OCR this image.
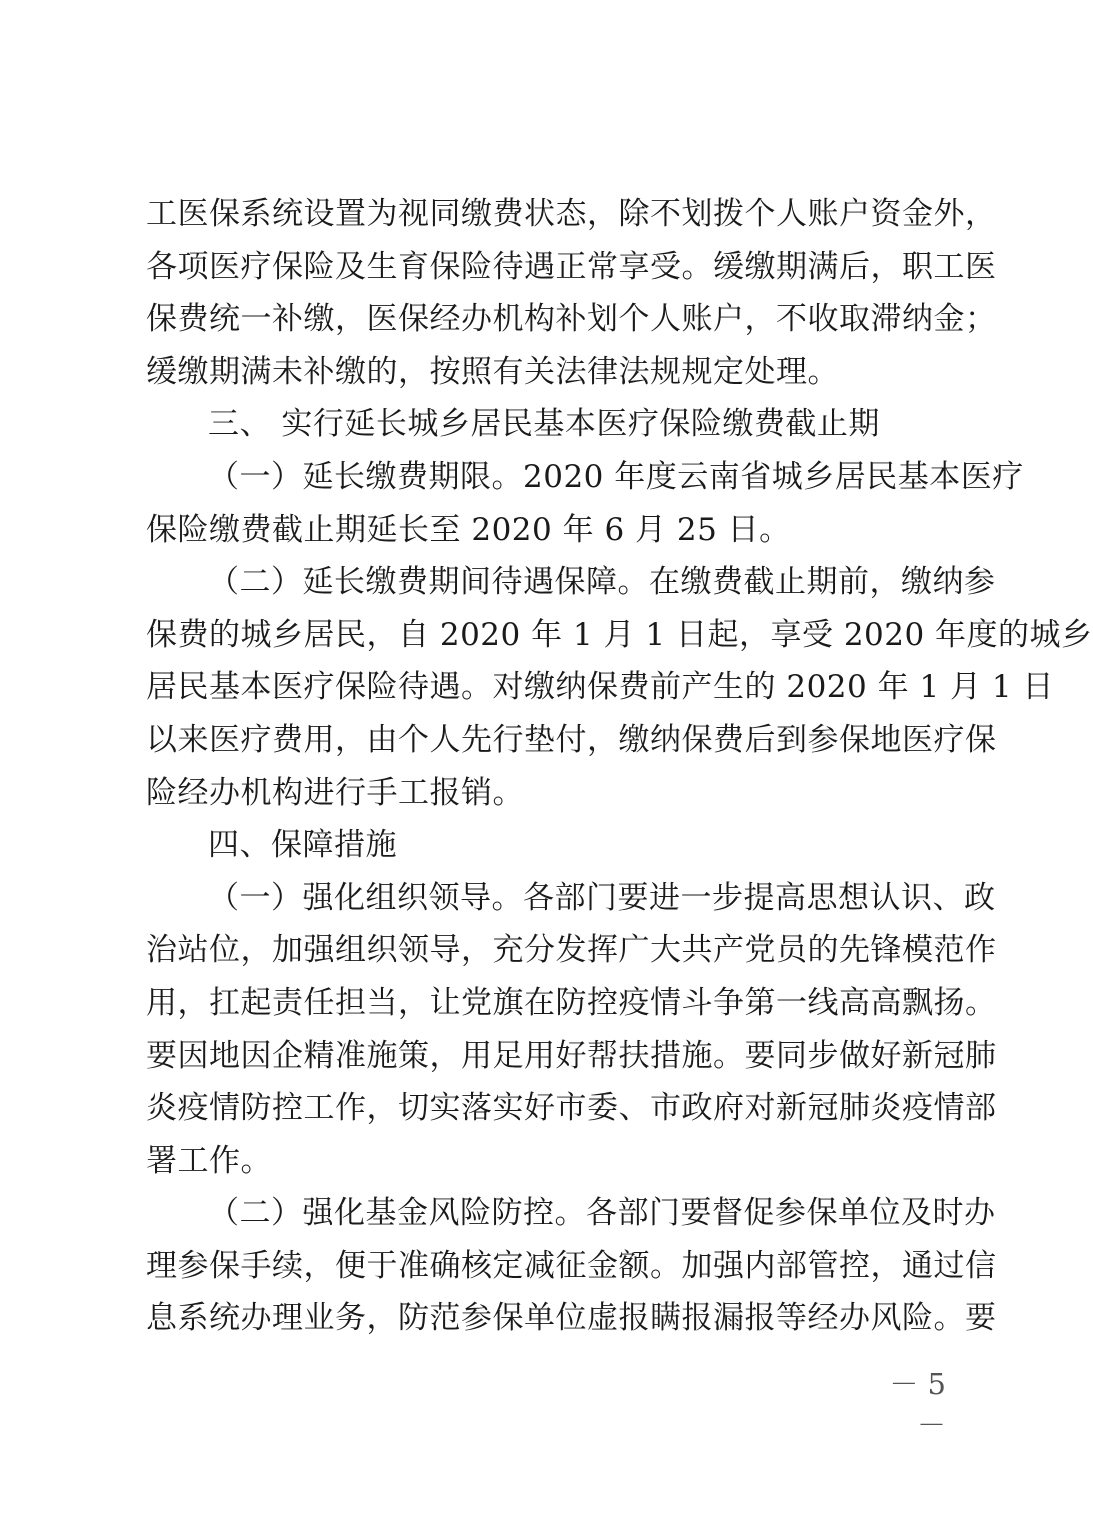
工医保系统设置为视同缴费状态，除不划拨个人账户资金外，
各项医疗保险及生育保险待遇正常享受。缓缴期满后，职工医
保费统一补缴，医保经办机构补划个人账户，不收取滞纳金；
缓缴期满未补缴的，按照有关法律法规规定处理。
三、 实行延长城乡居民基本医疗保险缴费截止期
（一）延长缴费期限。2020 年度云南省城乡居民基本医疗
保险缴费截止期延长至 2020 年 6 月 25 日。
（二）延长缴费期间待遇保障。在缴费截止期前，缴纳参
保费的城乡居民，自 2020 年 1 月 1 日起，享受 2020 年度的城乡
居民基本医疗保险待遇。对缴纳保费前产生的 2020 年 1 月 1 日
以来医疗费用，由个人先行垫付，缴纳保费后到参保地医疗保
险经办机构进行手工报销。
四、保障措施
（一）强化组织领导。各部门要进一步提高思想认识、政
治站位，加强组织领导，充分发挥广大共产党员的先锋模范作
用，扛起责任担当，让党旗在防控疫情斗争第一线高高飘扬。
要因地因企精准施策，用足用好帮扶措施。要同步做好新冠肺
炎疫情防控工作，切实落实好市委、市政府对新冠肺炎疫情部
署工作。
（二）强化基金风险防控。各部门要督促参保单位及时办
理参保手续，便于准确核定减征金额。加强内部管控，通过信
息系统办理业务，防范参保单位虚报瞒报漏报等经办风险。要
－ 5 －
